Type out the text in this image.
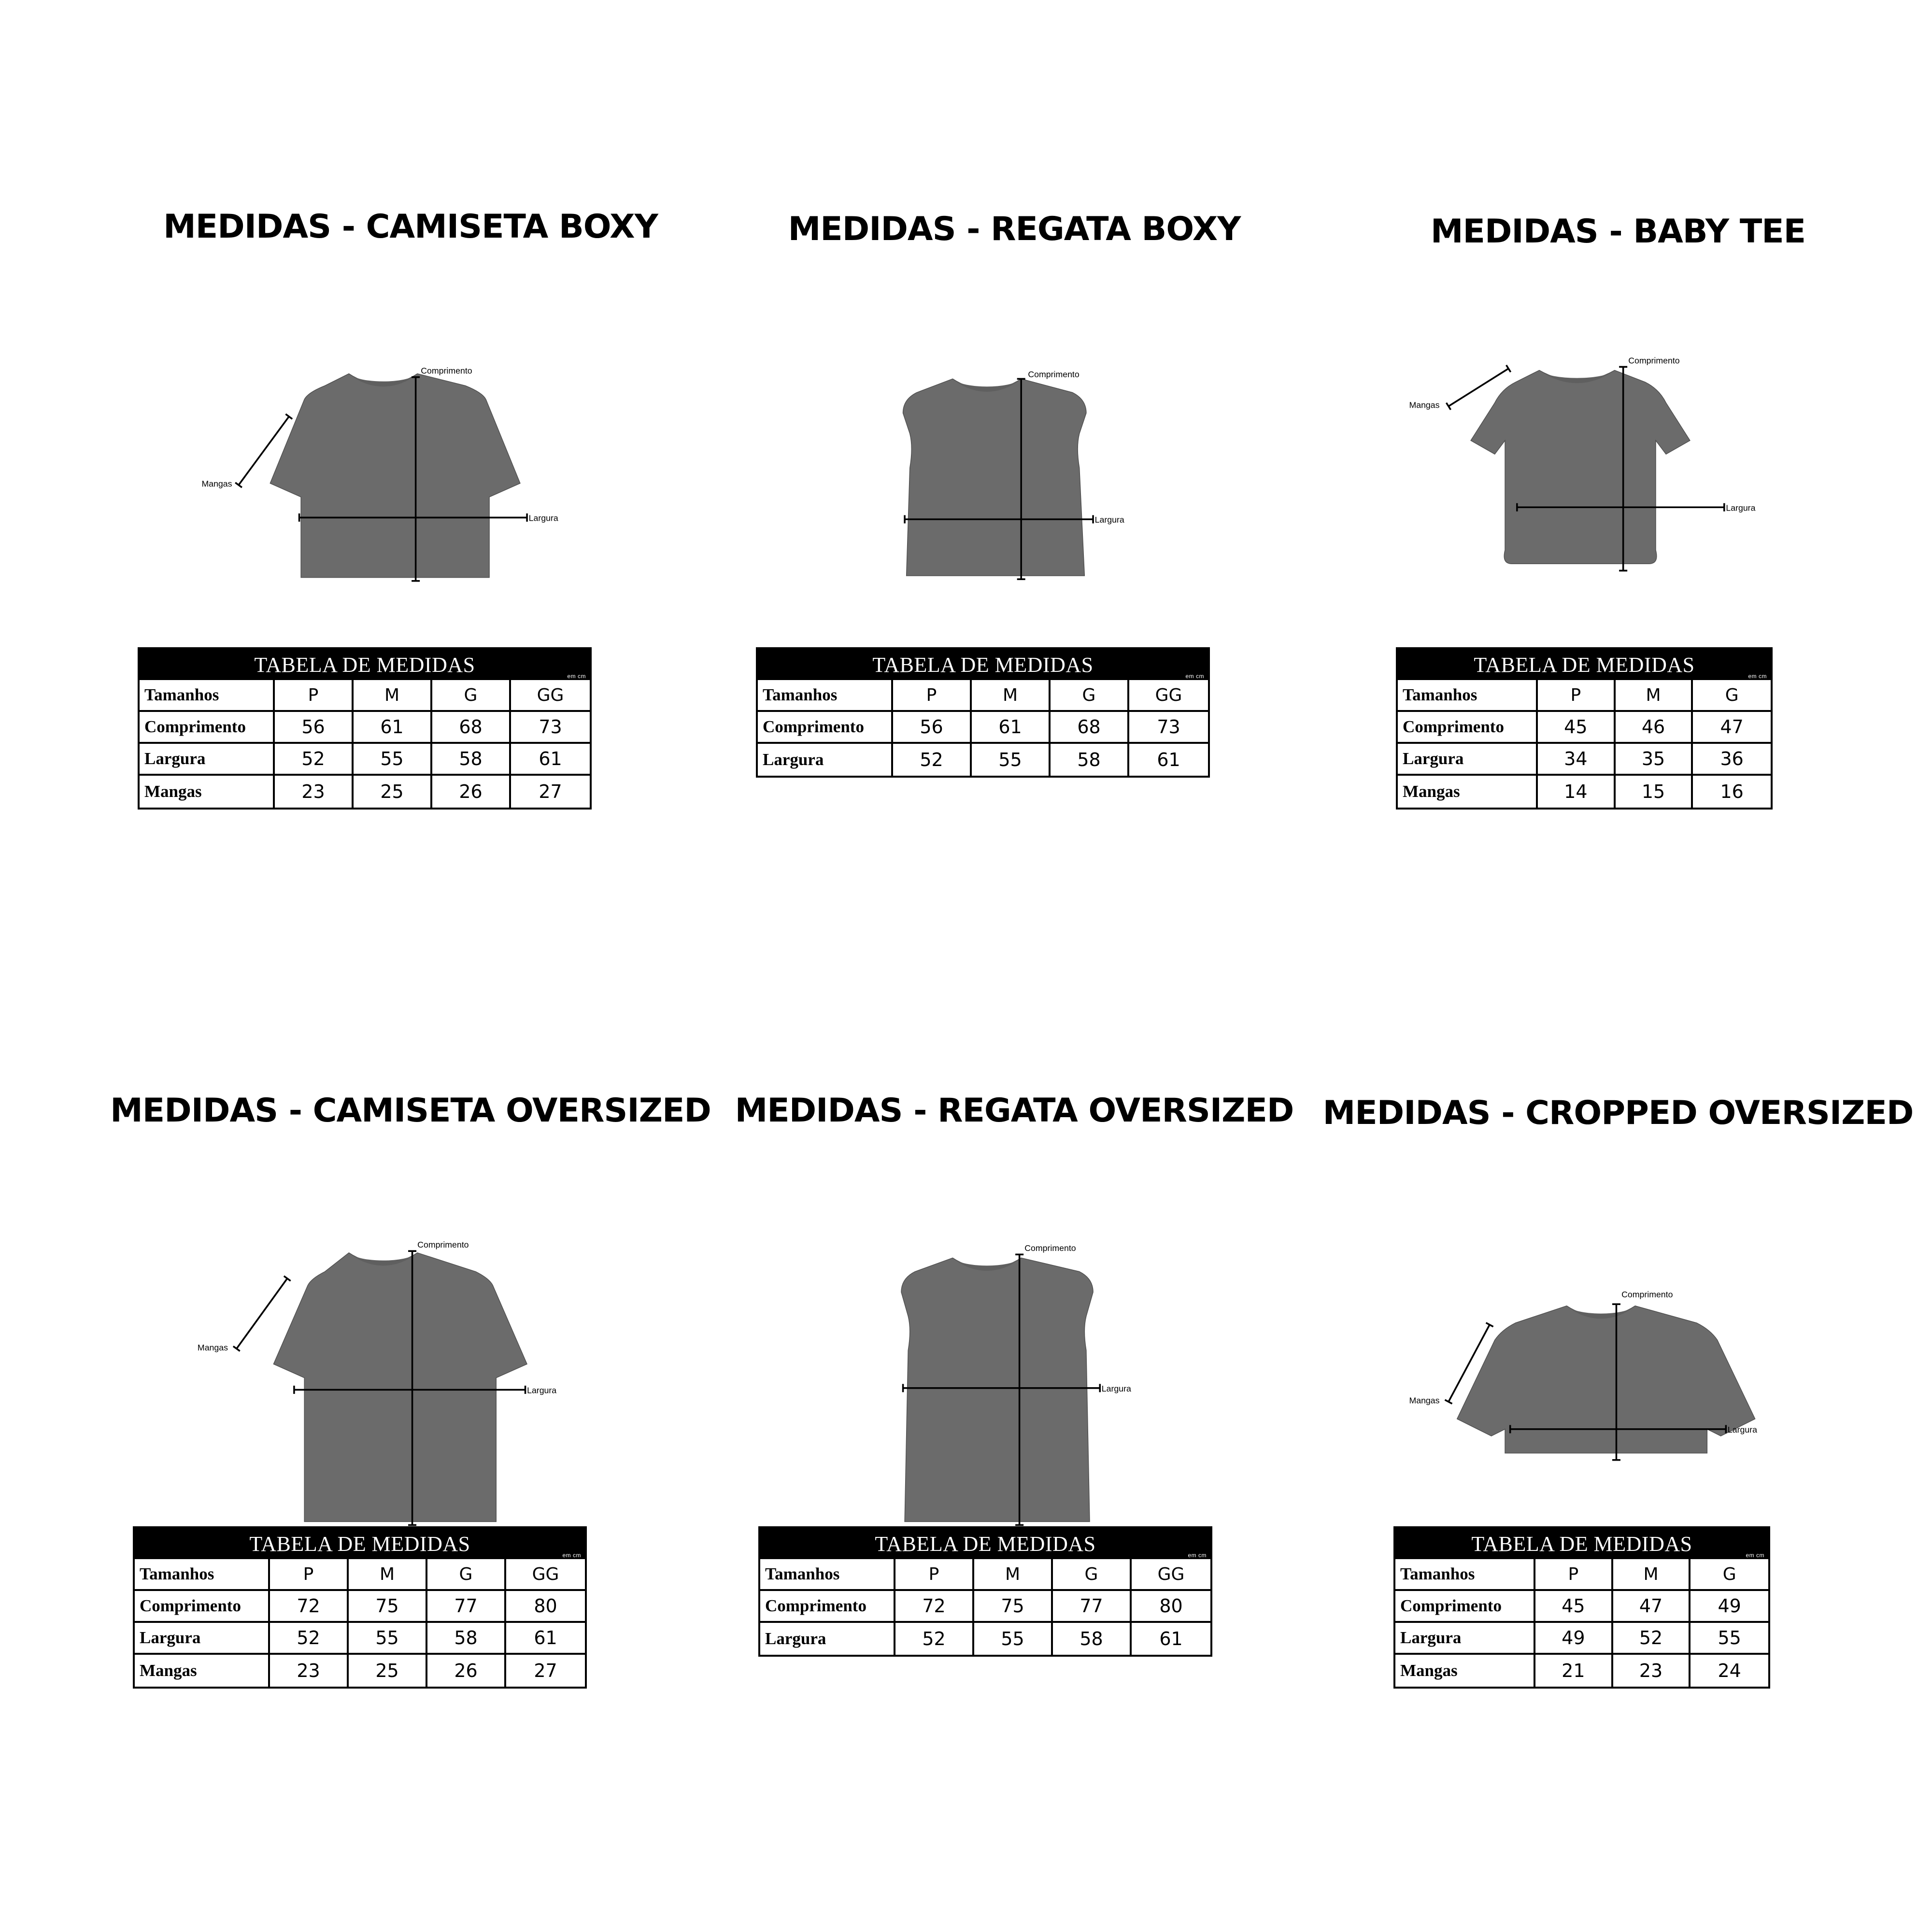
MEDIDAS - CAMISETA BOXY
Comprimento
Largura
Mangas
TABELA DE MEDIDAS	em cm
Tamanhos	P	M	G	GG
Comprimento	56	61	68	73
Largura	52	55	58	61
Mangas	23	25	26	27
MEDIDAS - REGATA BOXY
Comprimento
Largura
TABELA DE MEDIDAS	em cm
Tamanhos	P	M	G	GG
Comprimento	56	61	68	73
Largura	52	55	58	61
MEDIDAS - BABY TEE
Comprimento
Largura
Mangas
TABELA DE MEDIDAS	em cm
Tamanhos	P	M	G
Comprimento	45	46	47
Largura	34	35	36
Mangas	14	15	16
MEDIDAS - CAMISETA OVERSIZED
Comprimento
Largura
Mangas
TABELA DE MEDIDAS	em cm
Tamanhos	P	M	G	GG
Comprimento	72	75	77	80
Largura	52	55	58	61
Mangas	23	25	26	27
MEDIDAS - REGATA OVERSIZED
Comprimento
Largura
TABELA DE MEDIDAS	em cm
Tamanhos	P	M	G	GG
Comprimento	72	75	77	80
Largura	52	55	58	61
MEDIDAS - CROPPED OVERSIZED
Comprimento
Largura
Mangas
TABELA DE MEDIDAS	em cm
Tamanhos	P	M	G
Comprimento	45	47	49
Largura	49	52	55
Mangas	21	23	24
